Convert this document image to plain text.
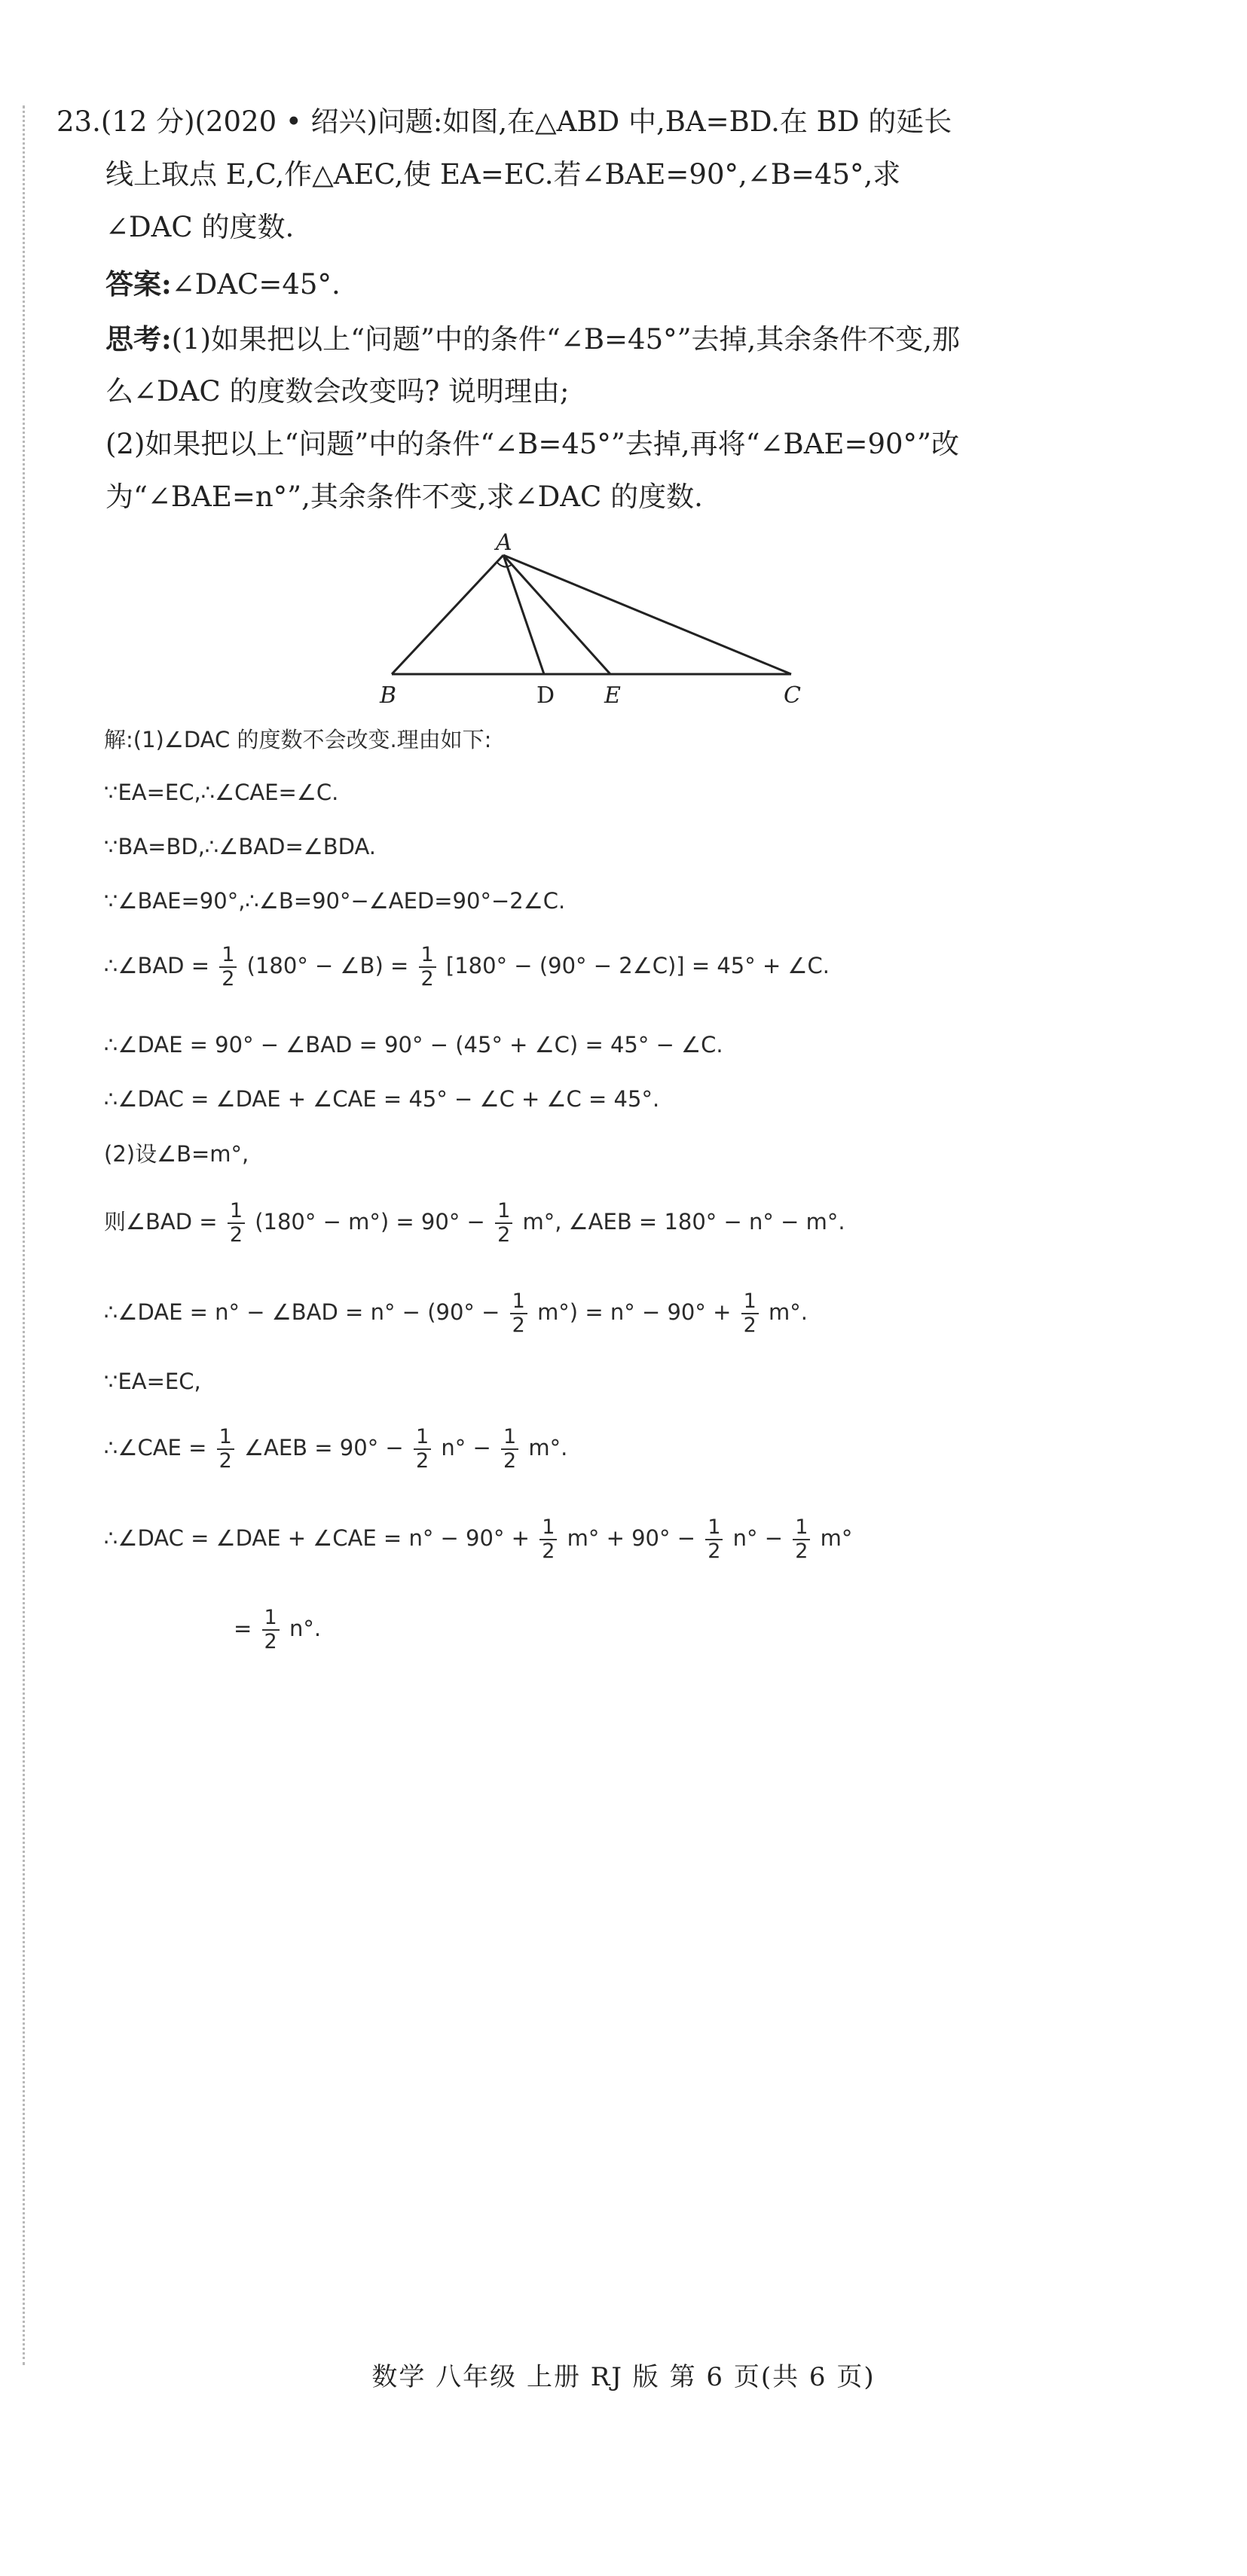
23.(12 分)(2020 • 绍兴)问题:如图,在△ABD 中,BA=BD.在 BD 的延长
线上取点 E,C,作△AEC,使 EA=EC.若∠BAE=90°,∠B=45°,求
∠DAC 的度数.
答案:∠DAC=45°.
思考:(1)如果把以上“问题”中的条件“∠B=45°”去掉,其余条件不变,那
么∠DAC 的度数会改变吗? 说明理由;
(2)如果把以上“问题”中的条件“∠B=45°”去掉,再将“∠BAE=90°”改
为“∠BAE=n°”,其余条件不变,求∠DAC 的度数.
A
B	D E	C
解:(1)∠DAC 的度数不会改变.理由如下:
∵EA=EC,∴∠CAE=∠C.
∵BA=BD,∴∠BAD=∠BDA.
∵∠BAE=90°,∴∠B=90°−∠AED=90°−2∠C.
∴∠BAD = $\frac{1}{2} (180^\circ$ − ∠B) = $\frac{1}{2} [180^\circ - (90^\circ$ − 2∠C)] = 45° + ∠C.
∴∠DAE = 90° − ∠BAD = 90° − (45° + ∠C) = 45° − ∠C.
∴∠DAC = ∠DAE + ∠CAE = 45° − ∠C + ∠C = 45°.
(2)设∠B=m°,
则∠BAD = $\frac{1}{2} (180^\circ - m^\circ) = 90^\circ - \frac{1}{2} m^\circ$, ∠AEB = 180° − n° − m°.
∴∠DAE = n° − ∠BAD = $n^\circ - (90^\circ - \frac{1}{2} m^\circ) = n^\circ - 90^\circ + \frac{1}{2} m^\circ$.
∵EA=EC,
∴∠CAE = $\frac{1}{2}$ ∠AEB = $90^\circ - \frac{1}{2} n^\circ - \frac{1}{2} m^\circ$.
∴∠DAC = ∠DAE + ∠CAE = $n^\circ - 90^\circ + \frac{1}{2} m^\circ + 90^\circ - \frac{1}{2} n^\circ - \frac{1}{2} m^\circ$
= $\frac{1}{2} n^\circ$.
数学 八年级 上册 RJ 版 第 6 页(共 6 页)
